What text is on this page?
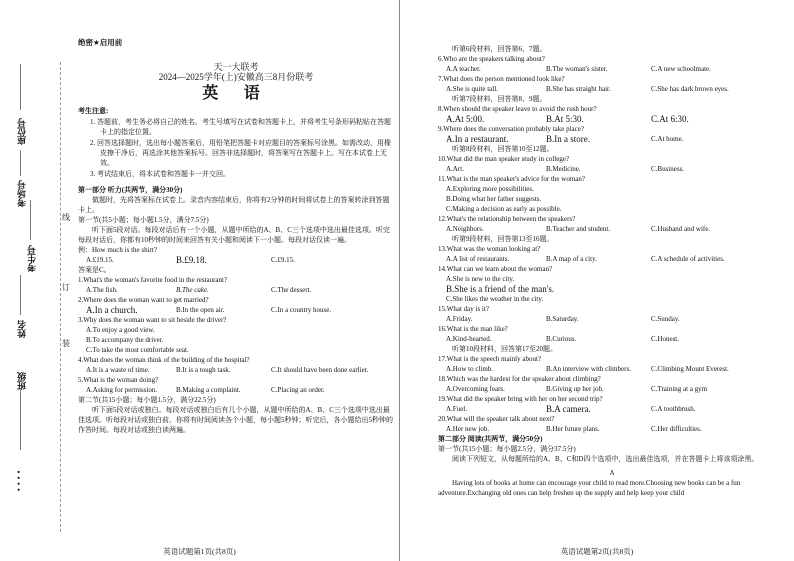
座位号
考场号
考生号
姓名
班级
• • • •
线
订
装
绝密★启用前
天一大联考
2024—2025学年(上)安徽高三8月份联考
英 语
考生注意:

1. 答题前，考生务必将自己的姓名、考生号填写在试卷和答题卡上，并将考生号条形码粘贴在答题卡上的指定位置。

2. 回答选择题时，选出每小题答案后，用铅笔把答题卡对应题目的答案标号涂黑。如需改动，用橡皮擦干净后，再选涂其他答案标号。回答非选择题时，将答案写在答题卡上。写在本试卷上无效。

3. 考试结束后，将本试卷和答题卡一并交回。

第一部分 听力(共两节，满分30分)

做题时，先将答案标在试卷上。录音内容结束后，你将有2分钟的时间将试卷上的答案转涂到答题卡上。

第一节(共5小题；每小题1.5分，满分7.5分)

听下面5段对话。每段对话后有一个小题，从题中所给的A、B、C三个选项中选出最佳选项。听完每段对话后，你都有10秒钟的时间来回答有关小题和阅读下一小题。每段对话仅读一遍。

例：How much is the shirt?

A.£19.15.	B.£9.18.	C.£9.15.

答案是C。

1.What's the woman's favorite food in the restaurant?

A.The fish.	B.The cake.	C.The dessert.

2.Where does the woman want to get married?

A.In a church.	B.In the open air.	C.In a country house.

3.Why does the woman want to sit beside the driver?

A.To enjoy a good view.

B.To accompany the driver.

C.To take the most comfortable seat.

4.What does the woman think of the building of the hospital?

A.It is a waste of time.	B.It is a tough task.	C.It should have been done earlier.

5.What is the woman doing?

A.Asking for permission.	B.Making a complaint.	C.Placing an order.

第二节(共15小题；每小题1.5分，满分22.5分)

听下面5段对话或独白。每段对话或独白后有几个小题，从题中所给的A、B、C三个选项中选出最佳选项。听每段对话或独白前，你将有时间阅读各个小题，每小题5秒钟；听完后，各小题给出5秒钟的作答时间。每段对话或独白读两遍。

英语试题第1页(共8页)

听第6段材料，回答第6、7题。

6.Who are the speakers talking about?

A.A teacher.	B.The woman's sister.	C.A new schoolmate.

7.What does the person mentioned look like?

A.She is quite tall.	B.She has straight hair.	C.She has dark brown eyes.

听第7段材料，回答第8、9题。

8.When should the speaker leave to avoid the rush hour?

A.At 5:00.	B.At 5:30.	C.At 6:30.

9.Where does the conversation probably take place?

A.In a restaurant.	B.In a store.	C.At home.

听第8段材料，回答第10至12题。

10.What did the man speaker study in college?

A.Art.	B.Medicine.	C.Business.

11.What is the man speaker's advice for the woman?

A.Exploring more possibilities.

B.Doing what her father suggests.

C.Making a decision as early as possible.

12.What's the relationship between the speakers?

A.Neighbors.	B.Teacher and student.	C.Husband and wife.

听第9段材料，回答第13至16题。

13.What was the woman looking at?

A.A list of restaurants.	B.A map of a city.	C.A schedule of activities.

14.What can we learn about the woman?

A.She is new to the city.

B.She is a friend of the man's.

C.She likes the weather in the city.

15.What day is it?

A.Friday.	B.Saturday.	C.Sunday.

16.What is the man like?

A.Kind-hearted.	B.Curious.	C.Honest.

听第10段材料，回答第17至20题。

17.What is the speech mainly about?

A.How to climb.	B.An interview with climbers.	C.Climbing Mount Everest.

18.Which was the hardest for the speaker about climbing?

A.Overcoming fears.	B.Giving up her job.	C.Training at a gym

19.What did the speaker bring with her on her second trip?

A.Fuel.	B.A camera.	C.A toothbrush.

20.What will the speaker talk about next?

A.Her new job.	B.Her future plans.	C.Her difficulties.
第二部分 阅读(共两节，满分50分)

第一节(共15小题；每小题2.5分，满分37.5分)

阅读下列短文，从每题所给的A、B、C和D四个选项中，选出最佳选项，并在答题卡上将该项涂黑。

A

Having lots of books at home can encourage your child to read more.Choosing new books can be a fun adventure.Exchanging old ones can help freshen up the supply and help keep your child

英语试题第2页(共8页)
